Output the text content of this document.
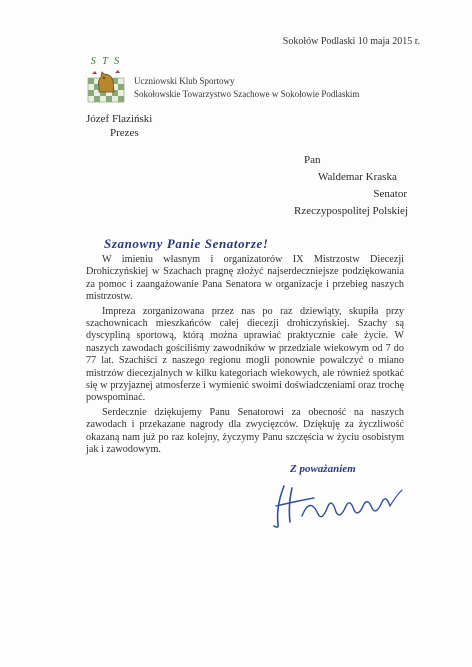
Sokołów Podlaski 10 maja 2015 r.
S T S
Uczniowski Klub Sportowy
Sokołowskie Towarzystwo Szachowe w Sokołowie Podlaskim
Józef Flaziński
Prezes
Pan
Waldemar Kraska
Senator
Rzeczypospolitej Polskiej
Szanowny Panie Senatorze!

W imieniu własnym i organizatorów IX Mistrzostw Diecezji Drohiczyńskiej w Szachach pragnę złożyć najserdeczniejsze podziękowania za pomoc i zaangażowanie Pana Senatora w organizacje i przebieg naszych mistrzostw.

Impreza zorganizowana przez nas po raz dziewiąty, skupiła przy szachownicach mieszkańców całej diecezji drohiczyńskiej. Szachy są dyscypliną sportową, którą można uprawiać praktycznie całe życie. W naszych zawodach gościliśmy zawodników w przedziale wiekowym od 7 do 77 lat. Szachiści z naszego regionu mogli ponownie powalczyć o miano mistrzów diecezjalnych w kilku kategoriach wiekowych, ale również spotkać się w przyjaznej atmosferze i wymienić swoimi doświadczeniami oraz trochę powspominać.

Serdecznie dziękujemy Panu Senatorowi za obecność na naszych zawodach i przekazane nagrody dla zwycięzców. Dziękuję za życzliwość okazaną nam już po raz kolejny, życzymy Panu szczęścia w życiu osobistym jak i zawodowym.

Z poważaniem
